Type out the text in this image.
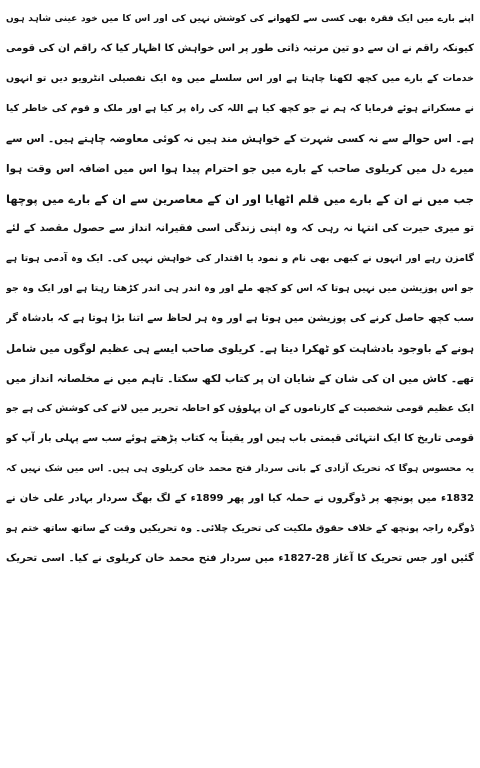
اپنے بارے میں ایک فقرہ بھی کسی سے لکھوانے کی کوشش نہیں کی اور اس کا میں خود عینی شاہد ہوں

کیونکہ راقم نے ان سے دو تین مرتبہ ذاتی طور پر اس خواہش کا اظہار کیا کہ راقم ان کی قومی

خدمات کے بارے میں کچھ لکھنا چاہتا ہے اور اس سلسلے میں وہ ایک تفصیلی انٹرویو دیں تو انہوں

نے مسکراتے ہوئے فرمایا کہ ہم نے جو کچھ کیا ہے اللہ کی راہ پر کیا ہے اور ملک و قوم کی خاطر کیا

ہے۔ اس حوالے سے نہ کسی شہرت کے خواہش مند ہیں نہ کوئی معاوضہ چاہتے ہیں۔ اس سے

میرے دل میں کریلوی صاحب کے بارے میں جو احترام پیدا ہوا اس میں اضافہ اس وقت ہوا

جب میں نے ان کے بارے میں قلم اٹھایا اور ان کے معاصرین سے ان کے بارے میں پوچھا

تو میری حیرت کی انتہا نہ رہی کہ وہ اپنی زندگی اسی فقیرانہ انداز سے حصول مقصد کے لئے

گامزن رہے اور انہوں نے کبھی بھی نام و نمود یا اقتدار کی خواہش نہیں کی۔ ایک وہ آدمی ہوتا ہے

جو اس پوزیشن میں نہیں ہوتا کہ اس کو کچھ ملے اور وہ اندر ہی اندر کڑھتا رہتا ہے اور ایک وہ جو

سب کچھ حاصل کرنے کی پوزیشن میں ہوتا ہے اور وہ ہر لحاظ سے اتنا بڑا ہوتا ہے کہ بادشاہ گر

ہونے کے باوجود بادشاہت کو ٹھکرا دیتا ہے۔ کریلوی صاحب ایسے ہی عظیم لوگوں میں شامل

تھے۔ کاش میں ان کی شان کے شایان ان پر کتاب لکھ سکتا۔ تاہم میں نے مخلصانہ انداز میں

ایک عظیم قومی شخصیت کے کارناموں کے ان پہلوؤں کو احاطہ تحریر میں لانے کی کوشش کی ہے جو

قومی تاریخ کا ایک انتہائی قیمتی باب ہیں اور یقیناً یہ کتاب پڑھتے ہوئے سب سے پہلی بار آپ کو

یہ محسوس ہوگا کہ تحریک آزادی کے بانی سردار فتح محمد خان کریلوی ہی ہیں۔ اس میں شک نہیں کہ

1832ء میں پونچھ پر ڈوگروں نے حملہ کیا اور پھر 1899ء کے لگ بھگ سردار بہادر علی خان نے

ڈوگرہ راجہ پونچھ کے خلاف حقوق ملکیت کی تحریک چلائی۔ وہ تحریکیں وقت کے ساتھ ساتھ ختم ہو

گئیں اور جس تحریک کا آغاز 28-1827ء میں سردار فتح محمد خان کریلوی نے کیا۔ اسی تحریک
